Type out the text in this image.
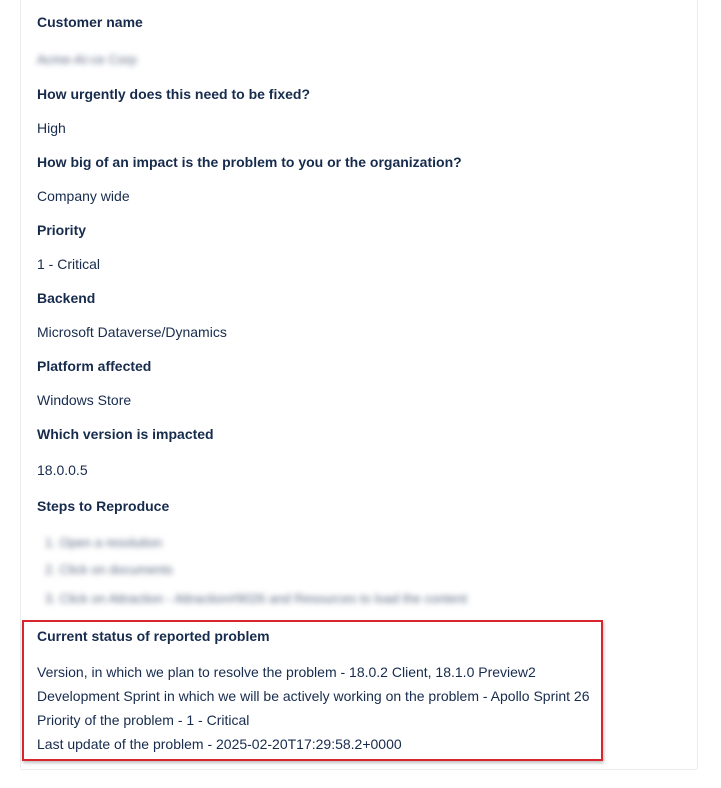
Customer name
Acme-AI-ce Corp
How urgently does this need to be fixed?
High
How big of an impact is the problem to you or the organization?
Company wide
Priority
1 - Critical
Backend
Microsoft Dataverse/Dynamics
Platform affected
Windows Store
Which version is impacted
18.0.0.5
Steps to Reproduce
1. Open a resolution
2. Click on documents
3. Click on Attraction - Attraction#9026 and Resources to load the content
Current status of reported problem
Version, in which we plan to resolve the problem - 18.0.2 Client, 18.1.0 Preview2
Development Sprint in which we will be actively working on the problem - Apollo Sprint 26
Priority of the problem - 1 - Critical
Last update of the problem - 2025-02-20T17:29:58.2+0000
